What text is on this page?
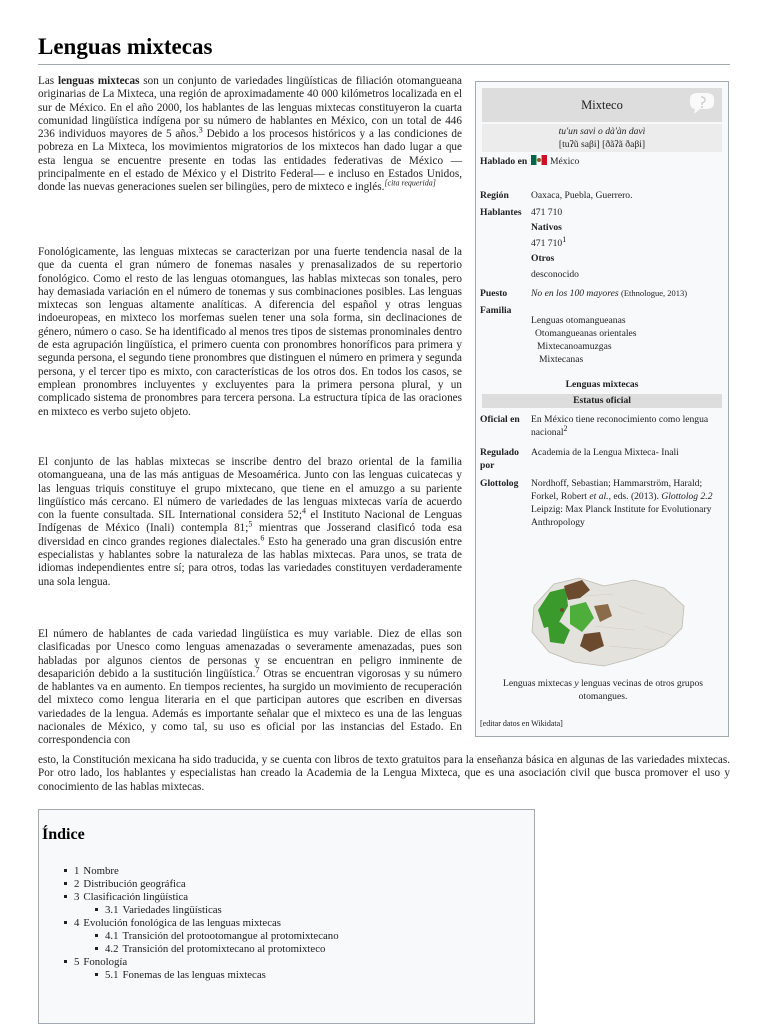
Lenguas mixtecas

Las lenguas mixtecas son un conjunto de variedades lingüísticas de filiación otomangueana originarias de La Mixteca, una región de aproximadamente 40 000 kilómetros localizada en el sur de México. En el año 2000, los hablantes de las lenguas mixtecas constituyeron la cuarta comunidad lingüística indígena por su número de hablantes en México, con un total de 446 236 individuos mayores de 5 años.$^3$ Debido a los procesos históricos y a las condiciones de pobreza en La Mixteca, los movimientos migratorios de los mixtecos han dado lugar a que esta lengua se encuentre presente en todas las entidades federativas de México —principalmente en el estado de México y el Distrito Federal— e incluso en Estados Unidos, donde las nuevas generaciones suelen ser bilingües, pero de mixteco e inglés.[cita requerida]

Fonológicamente, las lenguas mixtecas se caracterizan por una fuerte tendencia nasal de la que da cuenta el gran número de fonemas nasales y prenasalizados de su repertorio fonológico. Como el resto de las lenguas otomangues, las hablas mixtecas son tonales, pero hay demasiada variación en el número de tonemas y sus combinaciones posibles. Las lenguas mixtecas son lenguas altamente analíticas. A diferencia del español y otras lenguas indoeuropeas, en mixteco los morfemas suelen tener una sola forma, sin declinaciones de género, número o caso. Se ha identificado al menos tres tipos de sistemas pronominales dentro de esta agrupación lingüística, el primero cuenta con pronombres honoríficos para primera y segunda persona, el segundo tiene pronombres que distinguen el número en primera y segunda persona, y el tercer tipo es mixto, con características de los otros dos. En todos los casos, se emplean pronombres incluyentes y excluyentes para la primera persona plural, y un complicado sistema de pronombres para tercera persona. La estructura típica de las oraciones en mixteco es verbo sujeto objeto.

El conjunto de las hablas mixtecas se inscribe dentro del brazo oriental de la familia otomangueana, una de las más antiguas de Mesoamérica. Junto con las lenguas cuicatecas y las lenguas triquis constituye el grupo mixtecano, que tiene en el amuzgo a su pariente lingüístico más cercano. El número de variedades de las lenguas mixtecas varía de acuerdo con la fuente consultada. SIL International considera 52;$^4$ el Instituto Nacional de Lenguas Indígenas de México (Inali) contempla 81;$^5$ mientras que Josserand clasificó toda esa diversidad en cinco grandes regiones dialectales.$^6$ Esto ha generado una gran discusión entre especialistas y hablantes sobre la naturaleza de las hablas mixtecas. Para unos, se trata de idiomas independientes entre sí; para otros, todas las variedades constituyen verdaderamente una sola lengua.

El número de hablantes de cada variedad lingüística es muy variable. Diez de ellas son clasificadas por Unesco como lenguas amenazadas o severamente amenazadas, pues son habladas por algunos cientos de personas y se encuentran en peligro inminente de desaparición debido a la sustitución lingüística.$^7$ Otras se encuentran vigorosas y su número de hablantes va en aumento. En tiempos recientes, ha surgido un movimiento de recuperación del mixteco como lengua literaria en el que participan autores que escriben en diversas variedades de la lengua. Además es importante señalar que el mixteco es una de las lenguas nacionales de México, y como tal, su uso es oficial por las instancias del Estado. En correspondencia con

esto, la Constitución mexicana ha sido traducida, y se cuenta con libros de texto gratuitos para la enseñanza básica en algunas de las variedades mixtecas. Por otro lado, los hablantes y especialistas han creado la Academia de la Lengua Mixteca, que es una asociación civil que busca promover el uso y conocimiento de las hablas mixtecas.

Mixteco
tu'un savi o dà'àn davì
[tuʔũ saβi] [ðãʔã ðaβi]
Hablado en	México
Región	Oaxaca, Puebla, Guerrero.
Hablantes 471 710
Nativos
471 $710^1$
Otros
desconocido
Puesto	No en los 100 mayores (Ethnologue, 2013)
Familia
Lenguas otomangueanas
Otomangueanas orientales
Mixtecanoamuzgas
Mixtecanas
Lenguas mixtecas
Estatus oficial
Oficial en	En México tiene reconocimiento como lengua nacional$^2$
Regulado por
Academia de la Lengua Mixteca- Inali
Glottolog	Nordhoff, Sebastian; Hammarström, Harald; Forkel, Robert et al., eds. (2013). Glottolog 2.2 Leipzig: Max Planck Institute for Evolutionary Anthropology
Lenguas mixtecas y lenguas vecinas de otros grupos otomangues.
[editar datos en Wikidata]
Índice
1 Nombre
2 Distribución geográfica
3 Clasificación lingüística
3.1 Variedades lingüísticas
4 Evolución fonológica de las lenguas mixtecas
4.1 Transición del protootomangue al protomixtecano
4.2 Transición del protomixtecano al protomixteco
5 Fonología
5.1 Fonemas de las lenguas mixtecas
